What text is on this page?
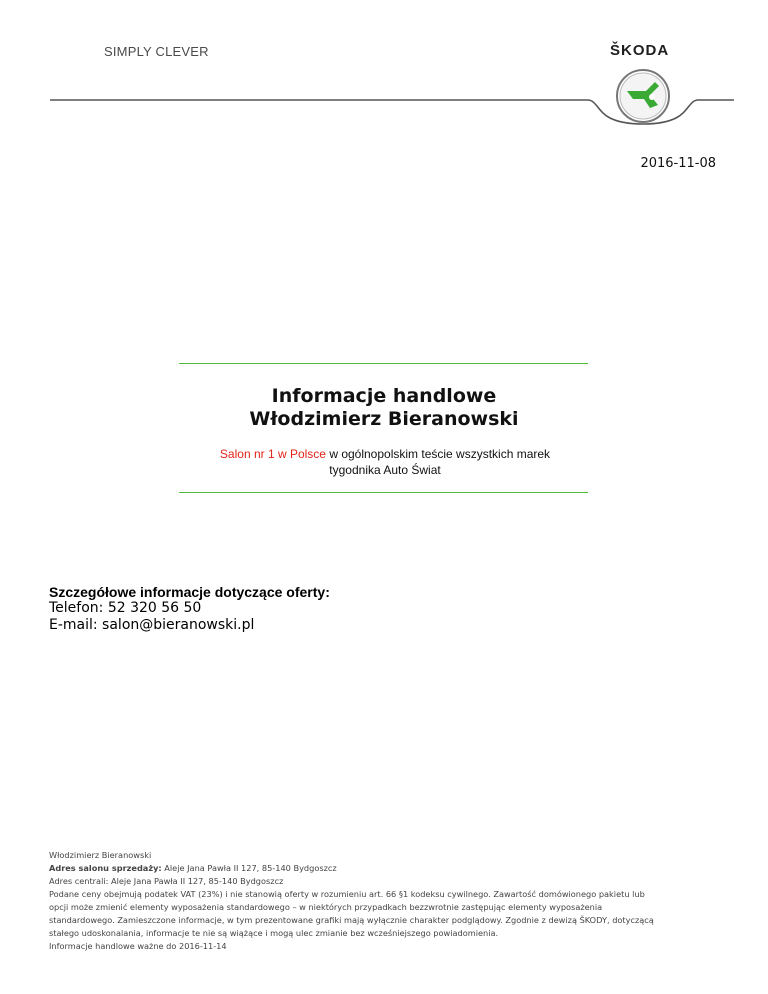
SIMPLY CLEVER	ŠKODA
2016-11-08
Informacje handlowe
Włodzimierz Bieranowski
Salon nr 1 w Polsce w ogólnopolskim teście wszystkich marek
tygodnika Auto Świat
Szczegółowe informacje dotyczące oferty:
Telefon: 52 320 56 50
E-mail: salon@bieranowski.pl
Włodzimierz Bieranowski
Adres salonu sprzedaży: Aleje Jana Pawła II 127, 85-140 Bydgoszcz
Adres centrali: Aleje Jana Pawła II 127, 85-140 Bydgoszcz
Podane ceny obejmują podatek VAT (23%) i nie stanowią oferty w rozumieniu art. 66 §1 kodeksu cywilnego. Zawartość domówionego pakietu lub
opcji może zmienić elementy wyposażenia standardowego – w niektórych przypadkach bezzwrotnie zastępując elementy wyposażenia
standardowego. Zamieszczone informacje, w tym prezentowane grafiki mają wyłącznie charakter podglądowy. Zgodnie z dewizą ŠKODY, dotyczącą
stałego udoskonalania, informacje te nie są wiążące i mogą ulec zmianie bez wcześniejszego powiadomienia.
Informacje handlowe ważne do 2016-11-14
